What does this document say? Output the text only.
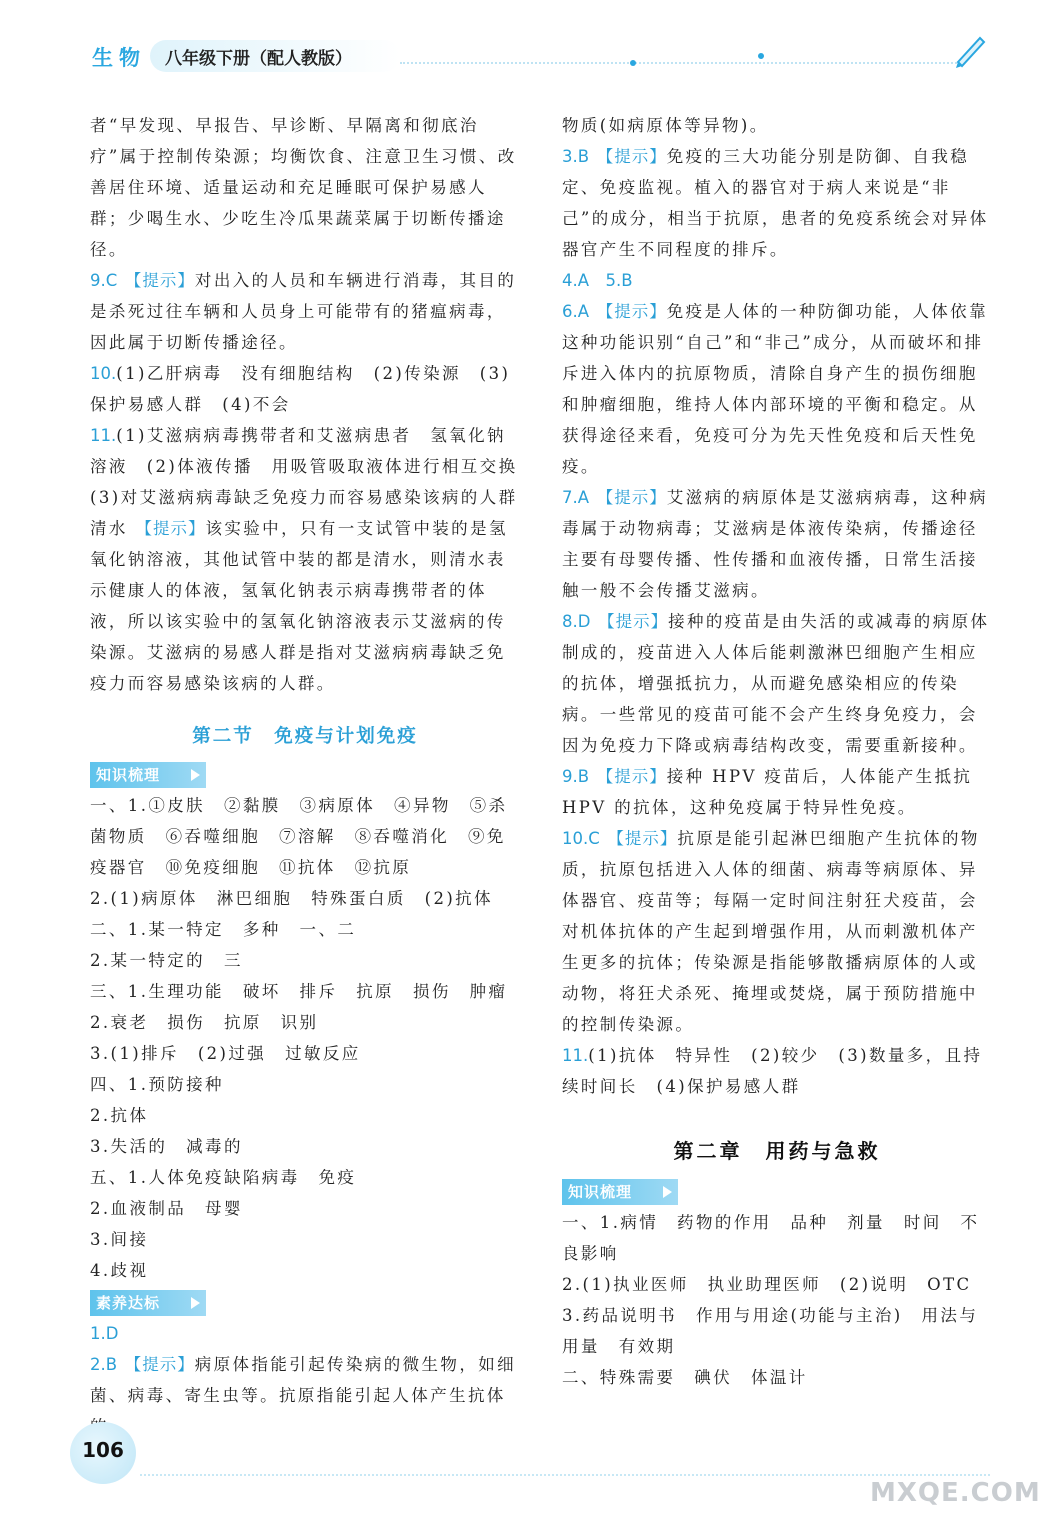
生物 八年级下册（配人教版）

者“早发现、早报告、早诊断、早隔离和彻底治疗”属于控制传染源；均衡饮食、注意卫生习惯、改善居住环境、适量运动和充足睡眠可保护易感人群；少喝生水、少吃生冷瓜果蔬菜属于切断传播途径。

9.C 【提示】对出入的人员和车辆进行消毒，其目的是杀死过往车辆和人员身上可能带有的猪瘟病毒，因此属于切断传播途径。

10.(1)乙肝病毒　没有细胞结构　(2)传染源　(3)保护易感人群　(4)不会

11.(1)艾滋病病毒携带者和艾滋病患者　氢氧化钠溶液　(2)体液传播　用吸管吸取液体进行相互交换　(3)对艾滋病病毒缺乏免疫力而容易感染该病的人群　清水 【提示】该实验中，只有一支试管中装的是氢氧化钠溶液，其他试管中装的都是清水，则清水表示健康人的体液，氢氧化钠表示病毒携带者的体液，所以该实验中的氢氧化钠溶液表示艾滋病的传染源。艾滋病的易感人群是指对艾滋病病毒缺乏免疫力而容易感染该病的人群。

第二节　免疫与计划免疫
知识梳理

一、1.①皮肤　②黏膜　③病原体　④异物　⑤杀菌物质　⑥吞噬细胞　⑦溶解　⑧吞噬消化　⑨免疫器官　⑩免疫细胞　⑪抗体　⑫抗原

2.(1)病原体　淋巴细胞　特殊蛋白质　(2)抗体

二、1.某一特定　多种　一、二

2.某一特定的　三

三、1.生理功能　破坏　排斥　抗原　损伤　肿瘤

2.衰老　损伤　抗原　识别

3.(1)排斥　(2)过强　过敏反应

四、1.预防接种

2.抗体

3.失活的　减毒的

五、1.人体免疫缺陷病毒　免疫

2.血液制品　母婴

3.间接

4.歧视

素养达标

1.D

2.B 【提示】病原体指能引起传染病的微生物，如细菌、病毒、寄生虫等。抗原指能引起人体产生抗体

物质(如病原体等异物)。

3.B 【提示】免疫的三大功能分别是防御、自我稳定、免疫监视。植入的器官对于病人来说是“非己”的成分，相当于抗原，患者的免疫系统会对异体器官产生不同程度的排斥。

4.A　5.B

6.A 【提示】免疫是人体的一种防御功能，人体依靠这种功能识别“自己”和“非己”成分，从而破坏和排斥进入体内的抗原物质，清除自身产生的损伤细胞和肿瘤细胞，维持人体内部环境的平衡和稳定。从获得途径来看，免疫可分为先天性免疫和后天性免疫。

7.A 【提示】艾滋病的病原体是艾滋病病毒，这种病毒属于动物病毒；艾滋病是体液传染病，传播途径主要有母婴传播、性传播和血液传播，日常生活接触一般不会传播艾滋病。

8.D 【提示】接种的疫苗是由失活的或减毒的病原体制成的，疫苗进入人体后能刺激淋巴细胞产生相应的抗体，增强抵抗力，从而避免感染相应的传染病。一些常见的疫苗可能不会产生终身免疫力，会因为免疫力下降或病毒结构改变，需要重新接种。

9.B 【提示】接种 HPV 疫苗后，人体能产生抵抗 HPV 的抗体，这种免疫属于特异性免疫。

10.C 【提示】抗原是能引起淋巴细胞产生抗体的物质，抗原包括进入人体的细菌、病毒等病原体、异体器官、疫苗等；每隔一定时间注射狂犬疫苗，会对机体抗体的产生起到增强作用，从而刺激机体产生更多的抗体；传染源是指能够散播病原体的人或动物，将狂犬杀死、掩埋或焚烧，属于预防措施中的控制传染源。

11.(1)抗体　特异性　(2)较少　(3)数量多，且持续时间长　(4)保护易感人群

第二章　用药与急救
知识梳理

一、1.病情　药物的作用　品种　剂量　时间　不良影响

2.(1)执业医师　执业助理医师　(2)说明　OTC

3.药品说明书　作用与用途(功能与主治)　用法与用量　有效期

二、特殊需要　碘伏　体温计

106
MXQE.COM
